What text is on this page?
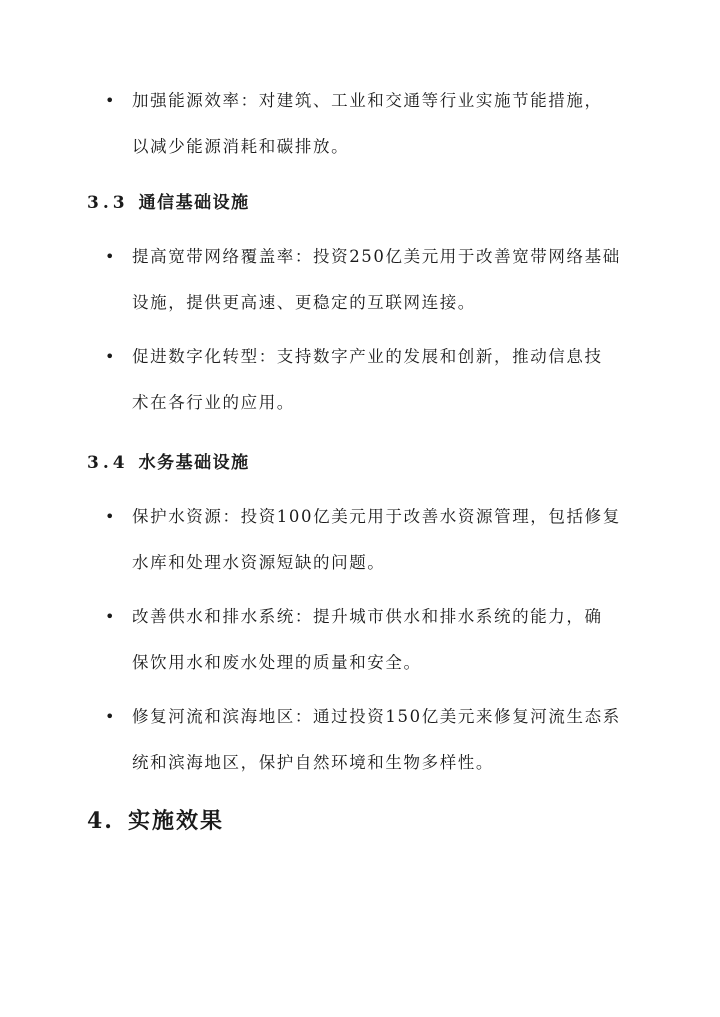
• 加强能源效率：对建筑、工业和交通等行业实施节能措施，
以减少能源消耗和碳排放。
3.3 通信基础设施
• 提高宽带网络覆盖率：投资250亿美元用于改善宽带网络基础
设施，提供更高速、更稳定的互联网连接。
• 促进数字化转型：支持数字产业的发展和创新，推动信息技
术在各行业的应用。
3.4 水务基础设施
• 保护水资源：投资100亿美元用于改善水资源管理，包括修复
水库和处理水资源短缺的问题。
• 改善供水和排水系统：提升城市供水和排水系统的能力，确
保饮用水和废水处理的质量和安全。
• 修复河流和滨海地区：通过投资150亿美元来修复河流生态系
统和滨海地区，保护自然环境和生物多样性。
4. 实施效果
